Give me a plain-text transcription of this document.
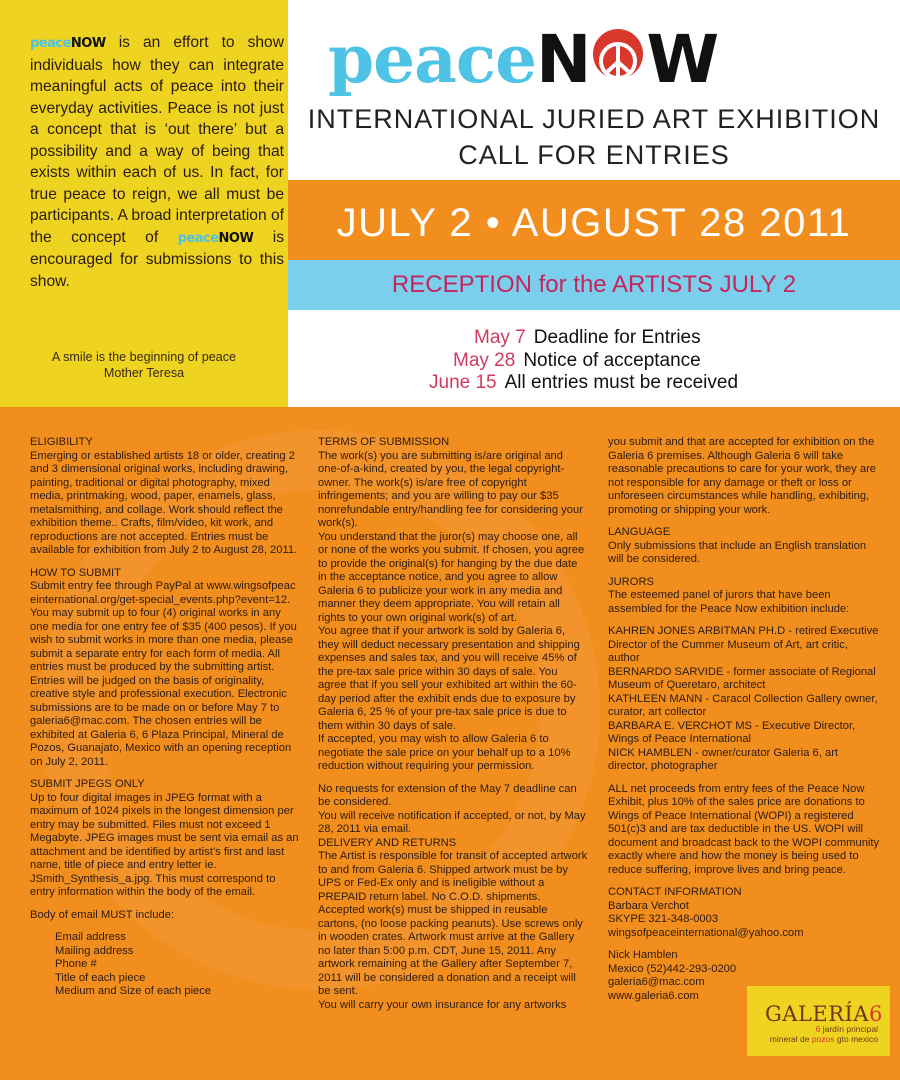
peaceNOW is an effort to show individuals how they can integrate meaningful acts of peace into their everyday activities. Peace is not just a concept that is ‘out there’ but a possibility and a way of being that exists within each of us. In fact, for true peace to reign, we all must be participants. A broad interpretation of the concept of peaceNOW is encouraged for submissions to this show.

A smile is the beginning of peace
Mother Teresa
peaceN W
INTERNATIONAL JURIED ART EXHIBITION
CALL FOR ENTRIES
JULY 2 • AUGUST 28 2011
RECEPTION for the ARTISTS JULY 2
May 7 Deadline for Entries
May 28 Notice of acceptance
June 15 All entries must be received

ELIGIBILITY

Emerging or established artists 18 or older, creating 2 and 3 dimensional original works, including drawing, painting, traditional or digital photography, mixed media, printmaking, wood, paper, enamels, glass, metalsmithing, and collage. Work should reflect the exhibition theme.. Crafts, film/video, kit work, and reproductions are not accepted. Entries must be available for exhibition from July 2 to August 28, 2011.

HOW TO SUBMIT

Submit entry fee through PayPal at www.wingsofpeaceinternational.org/get-special_events.php?event=12.

You may submit up to four (4) original works in any one media for one entry fee of $35 (400 pesos). If you wish to submit works in more than one media, please submit a separate entry for each form of media. All entries must be produced by the submitting artist. Entries will be judged on the basis of originality, creative style and professional execution. Electronic submissions are to be made on or before May 7 to galeria6@mac.com. The chosen entries will be exhibited at Galeria 6, 6 Plaza Principal, Mineral de Pozos, Guanajato, Mexico with an opening reception on July 2, 2011.

SUBMIT JPEGS ONLY

Up to four digital images in JPEG format with a maximum of 1024 pixels in the longest dimension per entry may be submitted. Files must not exceed 1 Megabyte. JPEG images must be sent via email as an attachment and be identified by artist’s first and last name, title of piece and entry letter ie. JSmith_Synthesis_a.jpg. This must correspond to entry information within the body of the email.

Body of email MUST include:

Email address

Mailing address

Phone #

Title of each piece

Medium and Size of each piece

TERMS OF SUBMISSION

The work(s) you are submitting is/are original and one-of-a-kind, created by you, the legal copyright-owner. The work(s) is/are free of copyright infringements; and you are willing to pay our $35 nonrefundable entry/handling fee for considering your work(s).

You understand that the juror(s) may choose one, all or none of the works you submit. If chosen, you agree to provide the original(s) for hanging by the due date in the acceptance notice, and you agree to allow Galeria 6 to publicize your work in any media and manner they deem appropriate. You will retain all rights to your own original work(s) of art.

You agree that if your artwork is sold by Galeria 6, they will deduct necessary presentation and shipping expenses and sales tax, and you will receive 45% of the pre-tax sale price within 30 days of sale. You agree that if you sell your exhibited art within the 60-day period after the exhibit ends due to exposure by Galeria 6, 25 % of your pre-tax sale price is due to them within 30 days of sale.

If accepted, you may wish to allow Galeria 6 to negotiate the sale price on your behalf up to a 10% reduction without requiring your permission.

No requests for extension of the May 7 deadline can be considered.

You will receive notification if accepted, or not, by May 28, 2011 via email.

DELIVERY AND RETURNS

The Artist is responsible for transit of accepted artwork to and from Galeria 6. Shipped artwork must be by UPS or Fed-Ex only and is ineligible without a PREPAID return label. No C.O.D. shipments. Accepted work(s) must be shipped in reusable cartons, (no loose packing peanuts). Use screws only in wooden crates. Artwork must arrive at the Gallery no later than 5:00 p.m. CDT, June 15, 2011. Any artwork remaining at the Gallery after September 7, 2011 will be considered a donation and a receipt will be sent.

You will carry your own insurance for any artworks

you submit and that are accepted for exhibition on the Galeria 6 premises. Although Galeria 6 will take reasonable precautions to care for your work, they are not responsible for any damage or theft or loss or unforeseen circumstances while handling, exhibiting, promoting or shipping your work.

LANGUAGE

Only submissions that include an English translation will be considered.

JURORS

The esteemed panel of jurors that have been assembled for the Peace Now exhibition include:

KAHREN JONES ARBITMAN PH.D - retired Executive Director of the Cummer Museum of Art, art critic, author

BERNARDO SARVIDE - former associate of Regional Museum of Queretaro, architect

KATHLEEN MANN - Caracol Collection Gallery owner, curator, art collector

BARBARA E. VERCHOT MS - Executive Director, Wings of Peace International

NICK HAMBLEN - owner/curator Galeria 6, art director, photographer

ALL net proceeds from entry fees of the Peace Now Exhibit, plus 10% of the sales price are donations to Wings of Peace International (WOPI) a registered 501(c)3 and are tax deductible in the US. WOPI will document and broadcast back to the WOPI community exactly where and how the money is being used to reduce suffering, improve lives and bring peace.

CONTACT INFORMATION

Barbara Verchot

SKYPE 321-348-0003

wingsofpeaceinternational@yahoo.com

Nick Hamblen

Mexico (52)442-293-0200

galeria6@mac.com

www.galeria6.com

GALERÍA6
6 jardín principal
mineral de pozos gto mexico
